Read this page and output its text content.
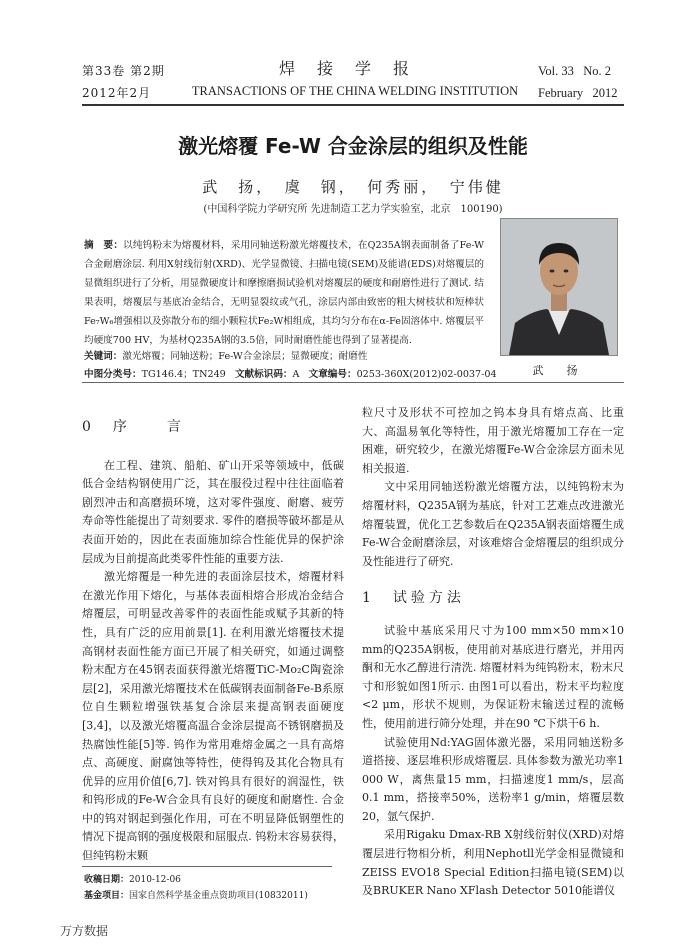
第33卷 第2期
2012年2月
焊接学报
TRANSACTIONS OF THE CHINA WELDING INSTITUTION
Vol. 33 No. 2
February 2012
激光熔覆 Fe-W 合金涂层的组织及性能
武　扬，　虞　钢，　何秀丽，　宁伟健
(中国科学院力学研究所 先进制造工艺力学实验室，北京　100190)
摘　要：以纯钨粉末为熔覆材料，采用同轴送粉激光熔覆技术，在Q235A钢表面制备了Fe-W合金耐磨涂层. 利用X射线衍射(XRD)、光学显微镜、扫描电镜(SEM)及能谱(EDS)对熔覆层的显微组织进行了分析，用显微硬度计和摩擦磨损试验机对熔覆层的硬度和耐磨性进行了测试. 结果表明，熔覆层与基底冶金结合，无明显裂纹或气孔，涂层内部由致密的粗大树枝状和短棒状Fe₇W₆增强相以及弥散分布的细小颗粒状Fe₂W相组成，其均匀分布在α-Fe固溶体中. 熔覆层平均硬度700 HV，为基材Q235A钢的3.5倍，同时耐磨性能也得到了显著提高.
关键词：激光熔覆；同轴送粉；Fe-W合金涂层；显微硬度；耐磨性
中图分类号：TG146.4；TN249 文献标识码：A 文章编号：0253-360X(2012)02-0037-04	武　扬
0　序　　言

在工程、建筑、船舶、矿山开采等领域中，低碳低合金结构钢使用广泛，其在服役过程中往往面临着剧烈冲击和高磨损环境，这对零件强度、耐磨、疲劳寿命等性能提出了苛刻要求. 零件的磨损等破坏都是从表面开始的，因此在表面施加综合性能优异的保护涂层成为目前提高此类零件性能的重要方法.

激光熔覆是一种先进的表面涂层技术，熔覆材料在激光作用下熔化，与基体表面相熔合形成冶金结合熔覆层，可明显改善零件的表面性能或赋予其新的特性，具有广泛的应用前景[1]. 在利用激光熔覆技术提高钢材表面性能方面已开展了相关研究，如通过调整粉末配方在45钢表面获得激光熔覆TiC-Mo₂C陶瓷涂层[2]，采用激光熔覆技术在低碳钢表面制备Fe-B系原位自生颗粒增强铁基复合涂层来提高钢表面硬度[3,4]，以及激光熔覆高温合金涂层提高不锈钢磨损及热腐蚀性能[5]等. 钨作为常用难熔金属之一具有高熔点、高硬度、耐腐蚀等特性，使得钨及其化合物具有优异的应用价值[6,7]. 铁对钨具有很好的润湿性，铁和钨形成的Fe-W合金具有良好的硬度和耐磨性. 合金中的钨对钢起到强化作用，可在不明显降低钢塑性的情况下提高钢的强度极限和屈服点. 钨粉末容易获得，但纯钨粉末颗

粒尺寸及形状不可控加之钨本身具有熔点高、比重大、高温易氧化等特性，用于激光熔覆加工存在一定困难，研究较少，在激光熔覆Fe-W合金涂层方面未见相关报道.

文中采用同轴送粉激光熔覆方法，以纯钨粉末为熔覆材料，Q235A钢为基底，针对工艺难点改进激光熔覆装置，优化工艺参数后在Q235A钢表面熔覆生成Fe-W合金耐磨涂层，对该难熔合金熔覆层的组织成分及性能进行了研究.

1　试验方法

试验中基底采用尺寸为100 mm×50 mm×10 mm的Q235A钢板，使用前对基底进行磨光，并用丙酮和无水乙醇进行清洗. 熔覆材料为纯钨粉末，粉末尺寸和形貌如图1所示. 由图1可以看出，粉末平均粒度<2 μm，形状不规则，为保证粉末输送过程的流畅性，使用前进行筛分处理，并在90 ℃下烘干6 h.

试验使用Nd:YAG固体激光器，采用同轴送粉多道搭接、逐层堆积形成熔覆层. 具体参数为激光功率1 000 W，离焦量15 mm，扫描速度1 mm/s，层高0.1 mm，搭接率50%，送粉率1 g/min，熔覆层数20，氩气保护.

采用Rigaku Dmax-RB X射线衍射仪(XRD)对熔覆层进行物相分析，利用Nephotll光学金相显微镜和ZEISS EVO18 Special Edition扫描电镜(SEM)以及BRUKER Nano XFlash Detector 5010能谱仪

收稿日期：2010-12-06
基金项目：国家自然科学基金重点资助项目(10832011)
万方数据
